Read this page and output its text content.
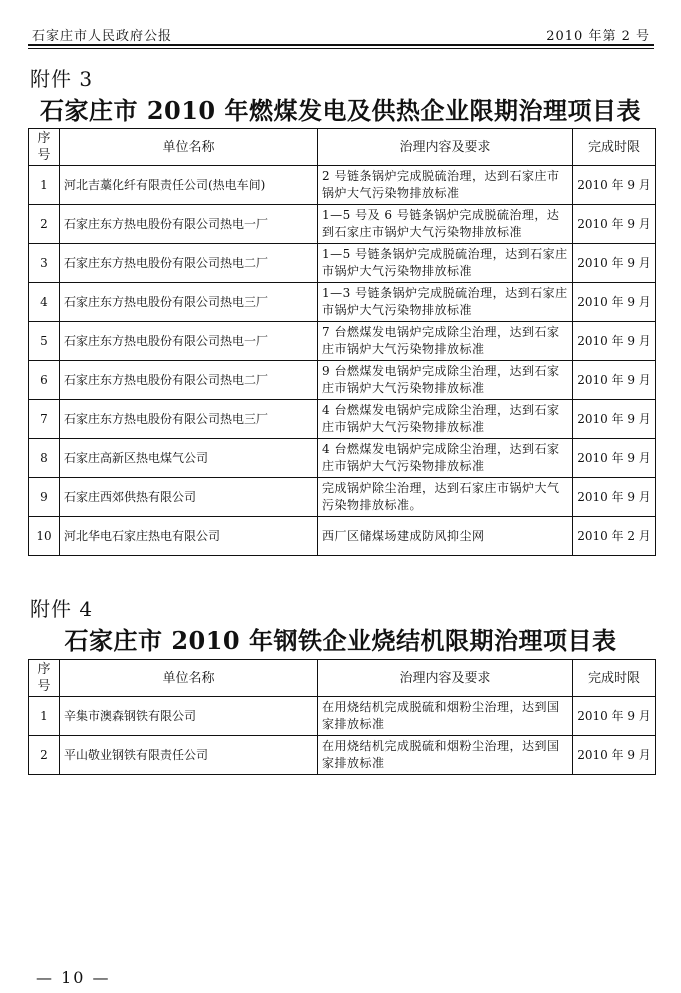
石家庄市人民政府公报	2010 年第 2 号
附件 3
石家庄市 2010 年燃煤发电及供热企业限期治理项目表
序号	单位名称	治理内容及要求	完成时限
1	河北吉藁化纤有限责任公司(热电车间)	2 号链条锅炉完成脱硫治理，达到石家庄市锅炉大气污染物排放标准	2010 年 9 月
2	石家庄东方热电股份有限公司热电一厂	1—5 号及 6 号链条锅炉完成脱硫治理，达到石家庄市锅炉大气污染物排放标准	2010 年 9 月
3	石家庄东方热电股份有限公司热电二厂	1—5 号链条锅炉完成脱硫治理，达到石家庄市锅炉大气污染物排放标准	2010 年 9 月
4	石家庄东方热电股份有限公司热电三厂	1—3 号链条锅炉完成脱硫治理，达到石家庄市锅炉大气污染物排放标准	2010 年 9 月
5	石家庄东方热电股份有限公司热电一厂	7 台燃煤发电锅炉完成除尘治理，达到石家庄市锅炉大气污染物排放标准	2010 年 9 月
6	石家庄东方热电股份有限公司热电二厂	9 台燃煤发电锅炉完成除尘治理，达到石家庄市锅炉大气污染物排放标准	2010 年 9 月
7	石家庄东方热电股份有限公司热电三厂	4 台燃煤发电锅炉完成除尘治理，达到石家庄市锅炉大气污染物排放标准	2010 年 9 月
8	石家庄高新区热电煤气公司	4 台燃煤发电锅炉完成除尘治理，达到石家庄市锅炉大气污染物排放标准	2010 年 9 月
9	石家庄西郊供热有限公司	完成锅炉除尘治理，达到石家庄市锅炉大气污染物排放标准。	2010 年 9 月
10	河北华电石家庄热电有限公司	西厂区储煤场建成防风抑尘网	2010 年 2 月
附件 4
石家庄市 2010 年钢铁企业烧结机限期治理项目表
序号	单位名称	治理内容及要求	完成时限
1	辛集市澳森钢铁有限公司	在用烧结机完成脱硫和烟粉尘治理，达到国家排放标准	2010 年 9 月
2	平山敬业钢铁有限责任公司	在用烧结机完成脱硫和烟粉尘治理，达到国家排放标准	2010 年 9 月
— 10 —
